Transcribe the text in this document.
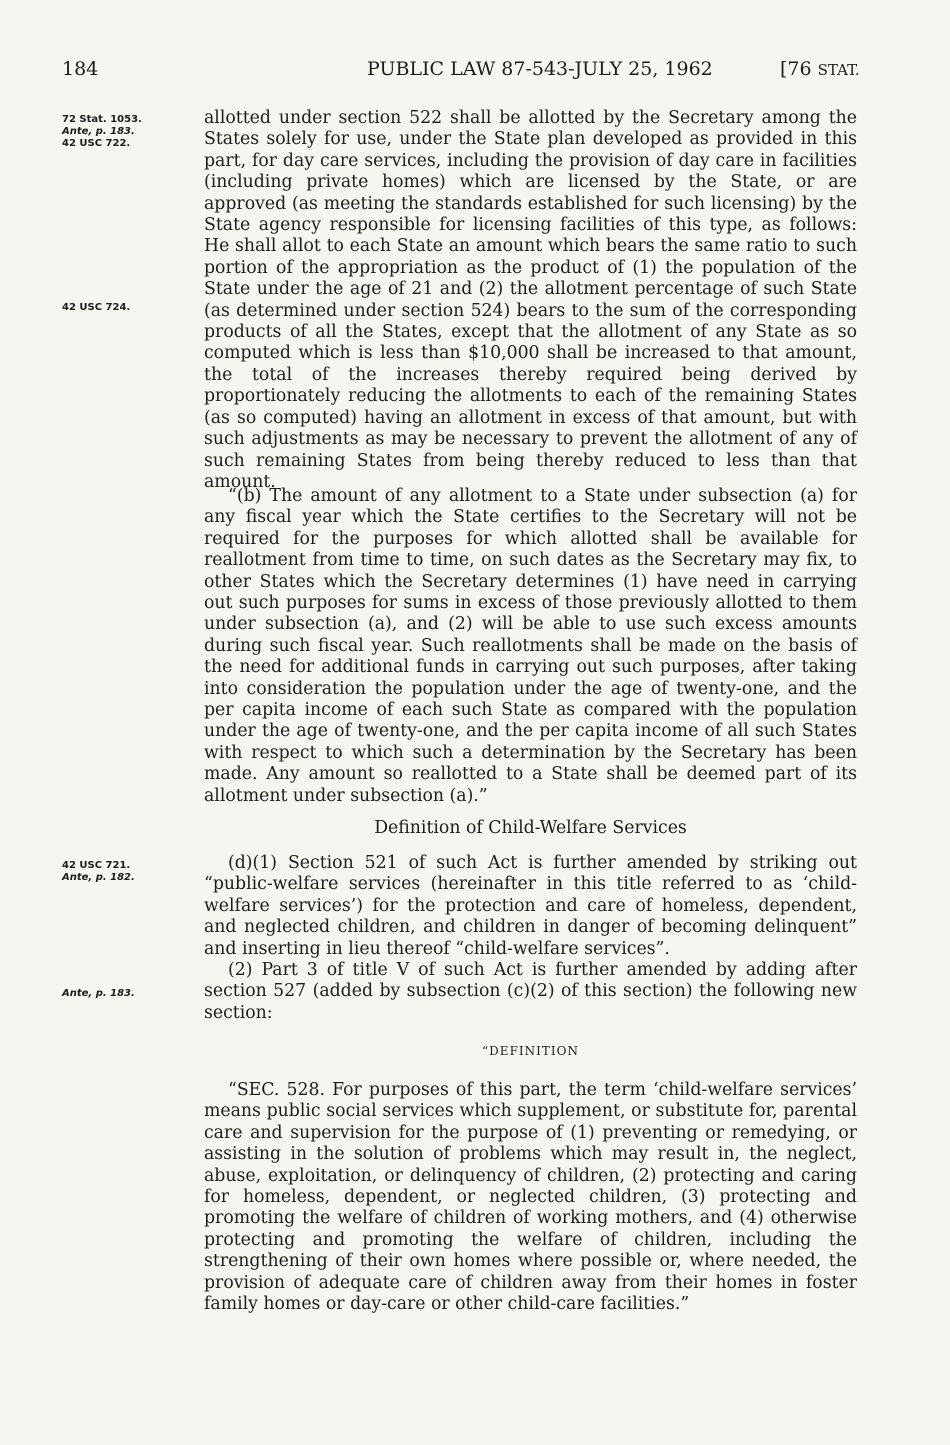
184	PUBLIC LAW 87-543-JULY 25, 1962	[76 STAT.
72 Stat. 1053.
Ante, p. 183.
42 USC 722.
42 USC 724.
42 USC 721.
Ante, p. 182.
Ante, p. 183.

allotted under section 522 shall be allotted by the Secretary among the States solely for use, under the State plan developed as provided in this part, for day care services, including the provision of day care in facilities (including private homes) which are licensed by the State, or are approved (as meeting the standards established for such licensing) by the State agency responsible for licensing facilities of this type, as follows: He shall allot to each State an amount which bears the same ratio to such portion of the appropriation as the product of (1) the population of the State under the age of 21 and (2) the allotment percentage of such State (as determined under section 524) bears to the sum of the corresponding products of all the States, except that the allotment of any State as so computed which is less than $10,000 shall be increased to that amount, the total of the increases thereby required being derived by proportionately reducing the allotments to each of the remaining States (as so computed) having an allotment in excess of that amount, but with such adjustments as may be necessary to prevent the allotment of any of such remaining States from being thereby reduced to less than that amount.

“(b) The amount of any allotment to a State under subsection (a) for any fiscal year which the State certifies to the Secretary will not be required for the purposes for which allotted shall be available for reallotment from time to time, on such dates as the Secretary may fix, to other States which the Secretary determines (1) have need in carrying out such purposes for sums in excess of those previously allotted to them under subsection (a), and (2) will be able to use such excess amounts during such fiscal year. Such reallotments shall be made on the basis of the need for additional funds in carrying out such purposes, after taking into consideration the population under the age of twenty-one, and the per capita income of each such State as compared with the population under the age of twenty-one, and the per capita income of all such States with respect to which such a determination by the Secretary has been made. Any amount so reallotted to a State shall be deemed part of its allotment under subsection (a).”

Definition of Child-Welfare Services

(d)(1) Section 521 of such Act is further amended by striking out “public-welfare services (hereinafter in this title referred to as ‘child-welfare services’) for the protection and care of homeless, dependent, and neglected children, and children in danger of becoming delinquent” and inserting in lieu thereof “child-welfare services”.

(2) Part 3 of title V of such Act is further amended by adding after section 527 (added by subsection (c)(2) of this section) the following new section:

“DEFINITION

“SEC. 528. For purposes of this part, the term ‘child-welfare services’ means public social services which supplement, or substitute for, parental care and supervision for the purpose of (1) preventing or remedying, or assisting in the solution of problems which may result in, the neglect, abuse, exploitation, or delinquency of children, (2) protecting and caring for homeless, dependent, or neglected children, (3) protecting and promoting the welfare of children of working mothers, and (4) otherwise protecting and promoting the welfare of children, including the strengthening of their own homes where possible or, where needed, the provision of adequate care of children away from their homes in foster family homes or day-care or other child-care facilities.”
